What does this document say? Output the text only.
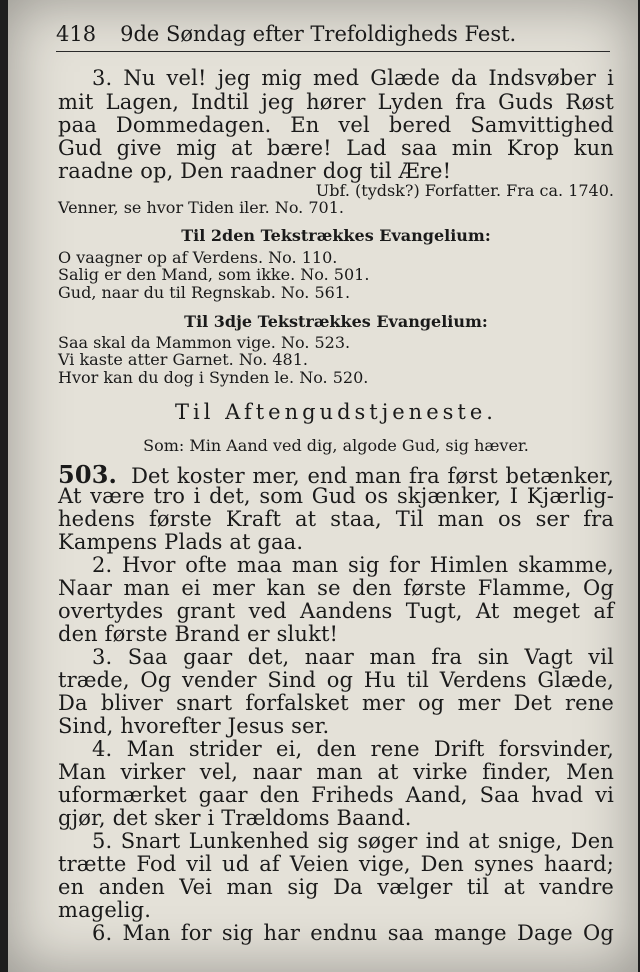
418 9de Søndag efter Trefoldigheds Fest.
3. Nu vel! jeg mig med Glæde da Indsvøber i
mit Lagen, Indtil jeg hører Lyden fra Guds Røst
paa Dommedagen. En vel bered Samvittighed
Gud give mig at bære! Lad saa min Krop kun
raadne op, Den raadner dog til Ære!
Ubf. (tydsk?) Forfatter. Fra ca. 1740.
Venner, se hvor Tiden iler. No. 701.
Til 2den Tekstrækkes Evangelium:
O vaagner op af Verdens. No. 110.
Salig er den Mand, som ikke. No. 501.
Gud, naar du til Regnskab. No. 561.
Til 3dje Tekstrækkes Evangelium:
Saa skal da Mammon vige. No. 523.
Vi kaste atter Garnet. No. 481.
Hvor kan du dog i Synden le. No. 520.
Til Aftengudstjeneste.
Som: Min Aand ved dig, algode Gud, sig hæver.
503. Det koster mer, end man fra først betænker,
At være tro i det, som Gud os skjænker, I Kjærlig-
hedens første Kraft at staa, Til man os ser fra
Kampens Plads at gaa.
2. Hvor ofte maa man sig for Himlen skamme,
Naar man ei mer kan se den første Flamme, Og
overtydes grant ved Aandens Tugt, At meget af
den første Brand er slukt!
3. Saa gaar det, naar man fra sin Vagt vil
træde, Og vender Sind og Hu til Verdens Glæde,
Da bliver snart forfalsket mer og mer Det rene
Sind, hvorefter Jesus ser.
4. Man strider ei, den rene Drift forsvinder,
Man virker vel, naar man at virke finder, Men
uformærket gaar den Friheds Aand, Saa hvad vi
gjør, det sker i Trældoms Baand.
5. Snart Lunkenhed sig søger ind at snige, Den
trætte Fod vil ud af Veien vige, Den synes haard;
en anden Vei man sig Da vælger til at vandre
magelig.
6. Man for sig har endnu saa mange Dage Og
